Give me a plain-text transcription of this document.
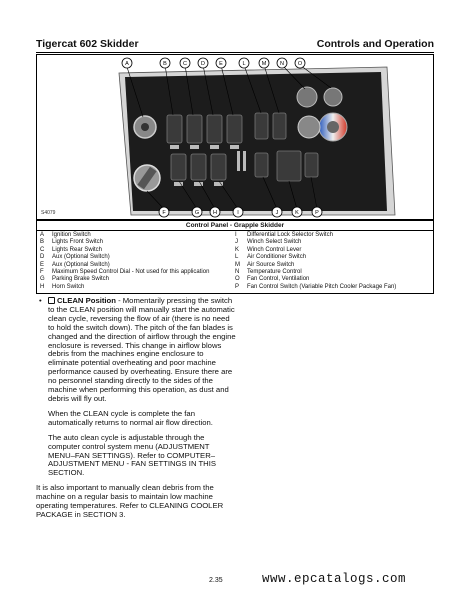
Tigercat 602 Skidder	Controls and Operation
A	B	C	D	E	L	M N	O
F	G	H	I	J	K	P
S4079
Control Panel - Grapple Skidder
A Ignition Switch
B Lights Front Switch
C Lights Rear Switch
D Aux (Optional Switch)
E Aux (Optional Switch)
F Maximum Speed Control Dial - Not used for this application
G Parking Brake Switch
H Horn Switch
I Differential Lock Selector Switch
J Winch Select Switch
K Winch Control Lever
L Air Conditioner Switch
M Air Source Switch
N Temperature Control
O Fan Control, Ventilation
P Fan Control Switch (Variable Pitch Cooler Package Fan)
•	CLEAN Position - Momentarily pressing the switch to the CLEAN position will manually start the automatic clean cycle, reversing the flow of air (there is no need to hold the switch down). The pitch of the fan blades is changed and the direction of airflow through the engine enclosure is reversed. This change in airflow blows debris from the machines engine enclosure to eliminate potential overheating and poor machine performance caused by overheating. Ensure there are no personnel standing directly to the sides of the machine when performing this operation, as dust and debris will fly out.

When the CLEAN cycle is complete the fan automatically returns to normal air flow direction.

The auto clean cycle is adjustable through the computer control system menu (ADJUSTMENT MENU–FAN SETTINGS). Refer to COMPUTER–ADJUSTMENT MENU - FAN SETTINGS IN THIS SECTION.

It is also important to manually clean debris from the machine on a regular basis to maintain low machine operating temperatures. Refer to CLEANING COOLER PACKAGE in SECTION 3.

2.35	www.epcatalogs.com
